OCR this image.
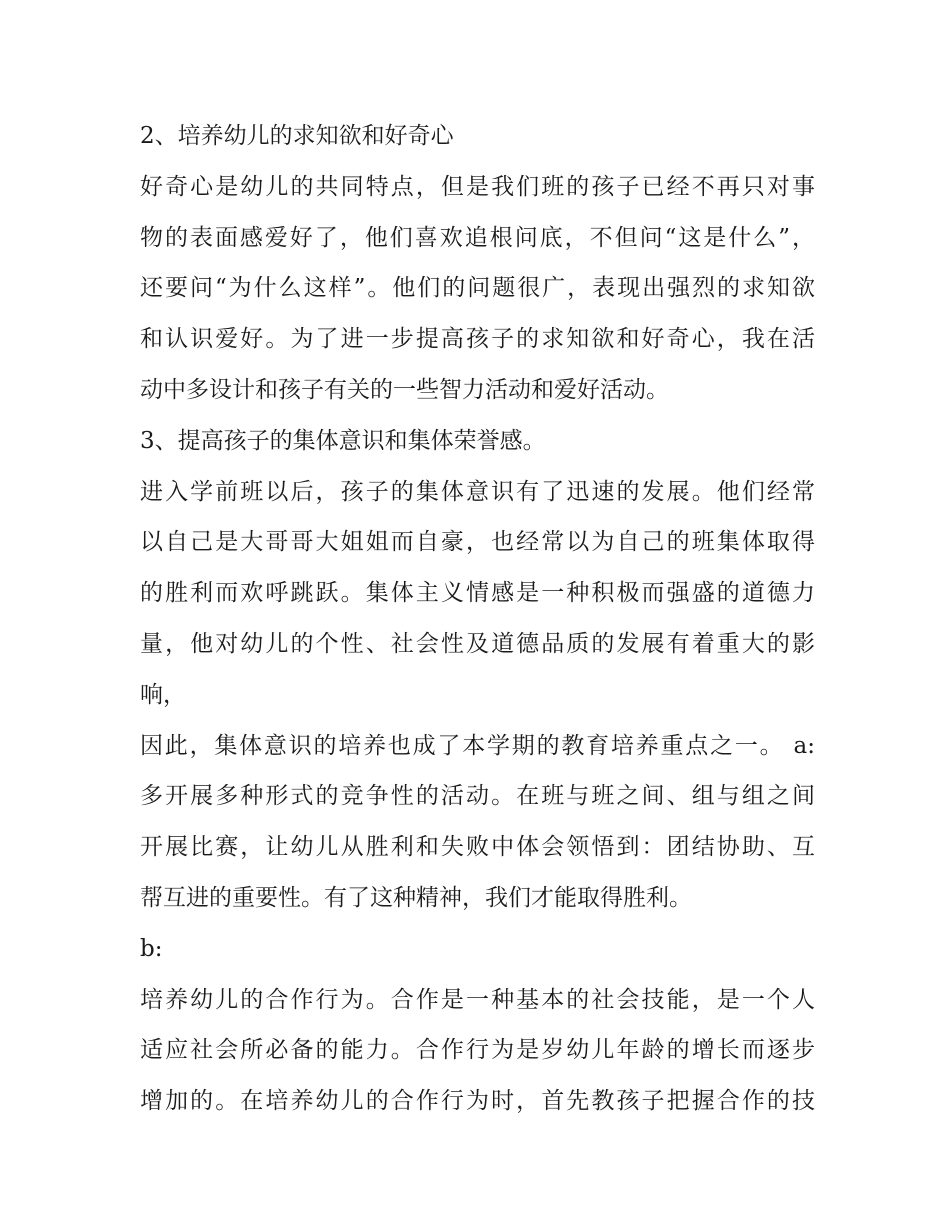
2、培养幼儿的求知欲和好奇心
好奇心是幼儿的共同特点，但是我们班的孩子已经不再只对事
物的表面感爱好了，他们喜欢追根问底，不但问“这是什么”，
还要问“为什么这样”。他们的问题很广，表现出强烈的求知欲
和认识爱好。为了进一步提高孩子的求知欲和好奇心，我在活
动中多设计和孩子有关的一些智力活动和爱好活动。
3、提高孩子的集体意识和集体荣誉感。
进入学前班以后，孩子的集体意识有了迅速的发展。他们经常
以自己是大哥哥大姐姐而自豪，也经常以为自己的班集体取得
的胜利而欢呼跳跃。集体主义情感是一种积极而强盛的道德力
量，他对幼儿的个性、社会性及道德品质的发展有着重大的影
响，
因此，集体意识的培养也成了本学期的教育培养重点之一。 a:
多开展多种形式的竞争性的活动。在班与班之间、组与组之间
开展比赛，让幼儿从胜利和失败中体会领悟到：团结协助、互
帮互进的重要性。有了这种精神，我们才能取得胜利。
b:
培养幼儿的合作行为。合作是一种基本的社会技能，是一个人
适应社会所必备的能力。合作行为是岁幼儿年龄的增长而逐步
增加的。在培养幼儿的合作行为时，首先教孩子把握合作的技
